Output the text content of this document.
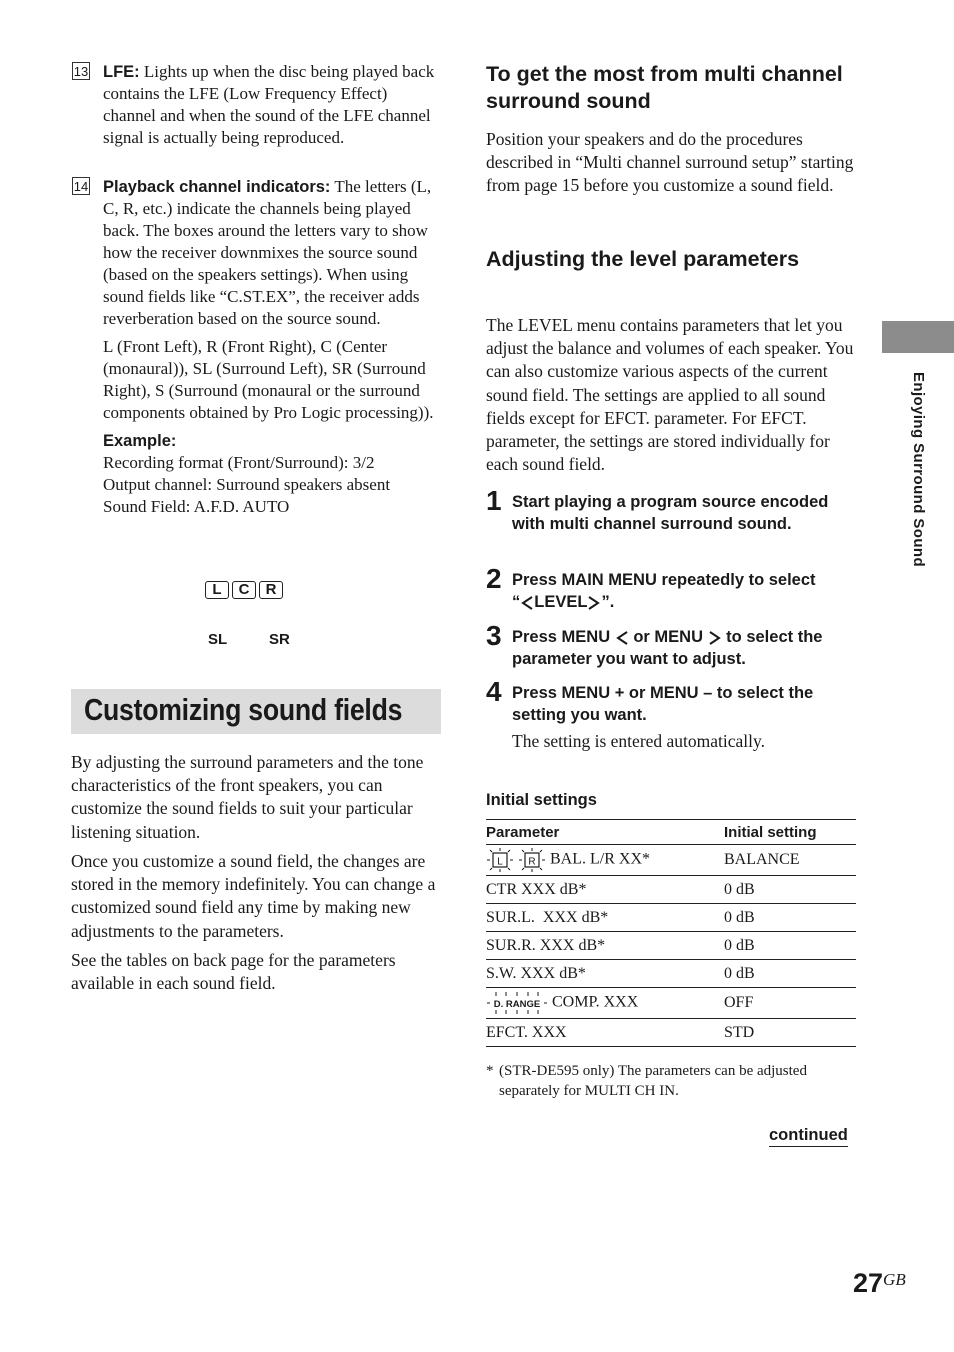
13 LFE: Lights up when the disc being played back contains the LFE (Low Frequency Effect) channel and when the sound of the LFE channel signal is actually being reproduced.
14 Playback channel indicators: The letters (L, C, R, etc.) indicate the channels being played back. The boxes around the letters vary to show how the receiver downmixes the source sound (based on the speakers settings). When using sound fields like “C.ST.EX”, the receiver adds reverberation based on the source sound.
L (Front Left), R (Front Right), C (Center (monaural)), SL (Surround Left), SR (Surround Right), S (Surround (monaural or the surround components obtained by Pro Logic processing)).
Example:
Recording format (Front/Surround): 3/2
Output channel: Surround speakers absent
Sound Field: A.F.D. AUTO
L C R
SL	SR
Customizing sound fields
By adjusting the surround parameters and the tone characteristics of the front speakers, you can customize the sound fields to suit your particular listening situation.
Once you customize a sound field, the changes are stored in the memory indefinitely. You can change a customized sound field any time by making new adjustments to the parameters.
See the tables on back page for the parameters available in each sound field.
To get the most from multi channel surround sound
Position your speakers and do the procedures described in “Multi channel surround setup” starting from page 15 before you customize a sound field.
Adjusting the level parameters
The LEVEL menu contains parameters that let you adjust the balance and volumes of each speaker. You can also customize various aspects of the current sound field. The settings are applied to all sound fields except for EFCT. parameter. For EFCT. parameter, the settings are stored individually for each sound field.
1 Start playing a program source encoded with multi channel surround sound.
2 Press MAIN MENU repeatedly to select
“ LEVEL ”.
3 Press MENU or MENU to select the parameter you want to adjust.
4 Press MENU + or MENU – to select the setting you want.
The setting is entered automatically.
Initial settings
Parameter	Initial setting

L
R BAL. L/R XX*	BALANCE
CTR XXX dB*	0 dB
SUR.L.  XXX dB*	0 dB
SUR.R. XXX dB*	0 dB
S.W. XXX dB*	0 dB

D. RANGE COMP. XXX	OFF
EFCT. XXX	STD
* (STR-DE595 only) The parameters can be adjusted separately for MULTI CH IN.
continued
Enjoying Surround Sound
27GB
